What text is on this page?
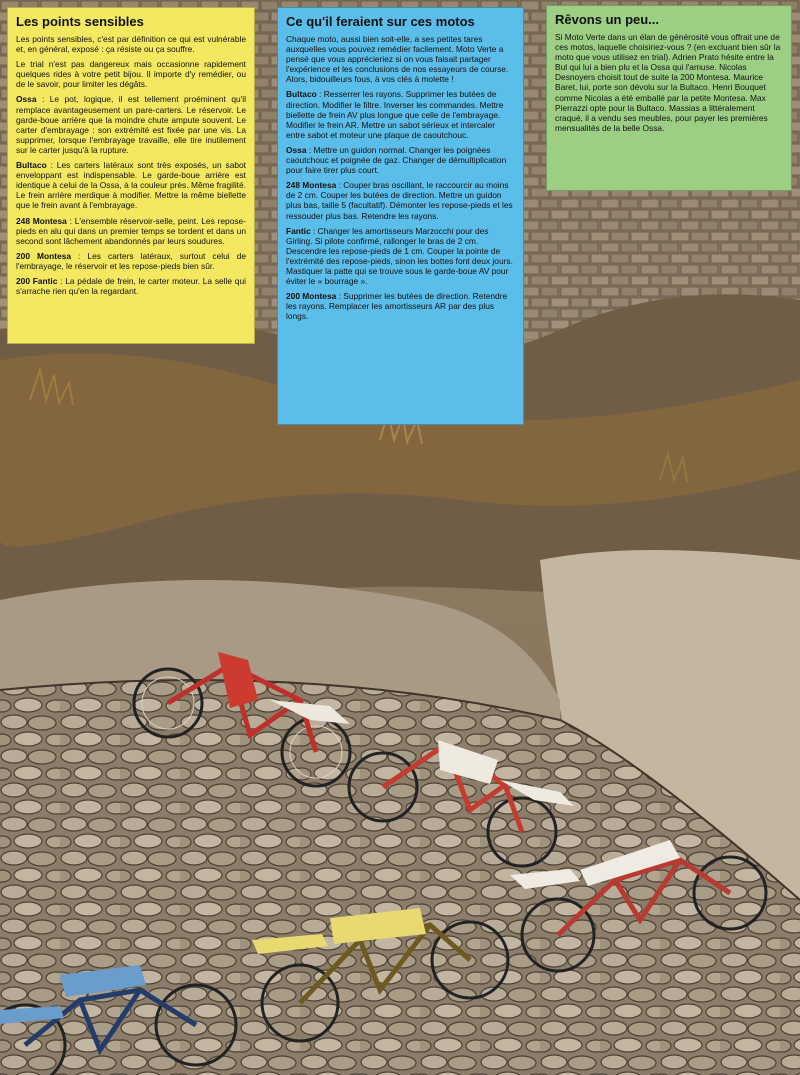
Les points sensibles

Les points sensibles, c'est par définition ce qui est vulnérable et, en général, exposé : ça résiste ou ça souffre.

Le trial n'est pas dangereux mais occasionne rapidement quelques rides à votre petit bijou. Il importe d'y remédier, ou de le savoir, pour limiter les dégâts.

Ossa : Le pot, logique, il est tellement proéminent qu'il remplace avantageusement un pare-carters. Le réservoir. Le garde-boue arrière que la moindre chute ampute souvent. Le carter d'embrayage : son extrémité est fixée par une vis. La supprimer, lorsque l'embrayage travaille, elle tire inutilement sur le carter jusqu'à la rupture.

Bultaco : Les carters latéraux sont très exposés, un sabot enveloppant est indispensable. Le garde-boue arrière est identique à celui de la Ossa, à la couleur près. Même fragilité. Le frein arrière merdique à modifier. Mettre la même biellette que le frein avant à l'embrayage.

248 Montesa : L'ensemble réservoir-selle, peint. Les repose-pieds en alu qui dans un premier temps se tordent et dans un second sont lâchement abandonnés par leurs soudures.

200 Montesa : Les carters latéraux, surtout celui de l'embrayage, le réservoir et les repose-pieds bien sûr.

200 Fantic : La pédale de frein, le carter moteur. La selle qui s'arrache rien qu'en la regardant.

Ce qu'il feraient sur ces motos

Chaque moto, aussi bien soit-elle, a ses petites tares auxquelles vous pouvez remédier facilement. Moto Verte a pensé que vous apprécieriez si on vous faisait partager l'expérience et les conclusions de nos essayeurs de course. Alors, bidouilleurs fous, à vos clés à molette !

Bultaco : Resserrer les rayons. Supprimer les butées de direction. Modifier le filtre. Inverser les commandes. Mettre biellette de frein AV plus longue que celle de l'embrayage. Modifier le frein AR. Mettre un sabot sérieux et intercaler entre sabot et moteur une plaque de caoutchouc.

Ossa : Mettre un guidon normal. Changer les poignées caoutchouc et poignée de gaz. Changer de démultiplication pour faire tirer plus court.

248 Montesa : Couper bras oscillant, le raccourcir au moins de 2 cm. Couper les butées de direction. Mettre un guidon plus bas, taille 5 (facultatif). Démonter les repose-pieds et les ressouder plus bas. Retendre les rayons.

Fantic : Changer les amortisseurs Marzocchi pour des Girling. Si pilote confirmé, rallonger le bras de 2 cm. Descendre les repose-pieds de 1 cm. Couper la pointe de l'extrémité des repose-pieds, sinon les bottes font deux jours. Mastiquer la patte qui se trouve sous le garde-boue AV pour éviter le « bourrage ».

200 Montesa : Supprimer les butées de direction. Retendre les rayons. Remplacer les amortisseurs AR par des plus longs.

Rêvons un peu...

Si Moto Verte dans un élan de générosité vous offrait une de ces motos, laquelle choisiriez-vous ? (en excluant bien sûr la moto que vous utilisez en trial). Adrien Prato hésite entre la Bul qui lui a bien plu et la Ossa qui l'amuse. Nicolas Desnoyers choisit tout de suite la 200 Montesa. Maurice Baret, lui, porte son dévolu sur la Bultaco. Henri Bouquet comme Nicolas a été emballé par la petite Montesa. Max Pierrazzi opte pour la Bultaco. Massias a littéralement craqué, il a vendu ses meubles, pour payer les premières mensualités de la belle Ossa.
